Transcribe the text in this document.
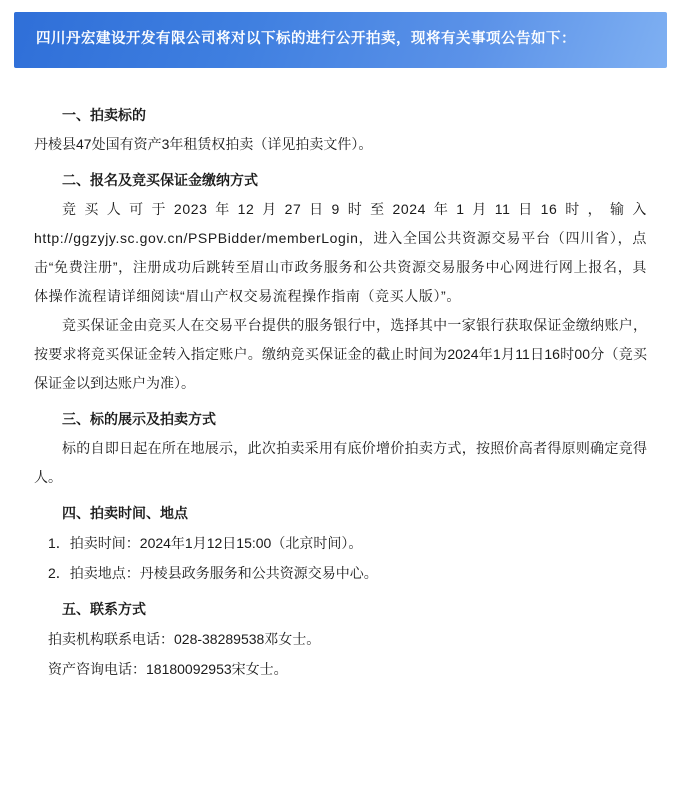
四川丹宏建设开发有限公司将对以下标的进行公开拍卖，现将有关事项公告如下：
一、拍卖标的

丹棱县47处国有资产3年租赁权拍卖（详见拍卖文件）。

二、报名及竞买保证金缴纳方式

竞买人可于2023年12月27日9时至2024年1月11日16时，输入http://ggzyjy.sc.gov.cn/PSPBidder/memberLogin，进入全国公共资源交易平台（四川省），点击“免费注册”，注册成功后跳转至眉山市政务服务和公共资源交易服务中心网进行网上报名，具体操作流程请详细阅读“眉山产权交易流程操作指南（竞买人版）”。

竞买保证金由竞买人在交易平台提供的服务银行中，选择其中一家银行获取保证金缴纳账户，按要求将竞买保证金转入指定账户。缴纳竞买保证金的截止时间为2024年1月11日16时00分（竞买保证金以到达账户为准）。

三、标的展示及拍卖方式

标的自即日起在所在地展示，此次拍卖采用有底价增价拍卖方式，按照价高者得原则确定竞得人。

四、拍卖时间、地点
1．拍卖时间：2024年1月12日15:00（北京时间）。
2．拍卖地点：丹棱县政务服务和公共资源交易中心。
五、联系方式
拍卖机构联系电话：028-38289538邓女士。
资产咨询电话：18180092953宋女士。
